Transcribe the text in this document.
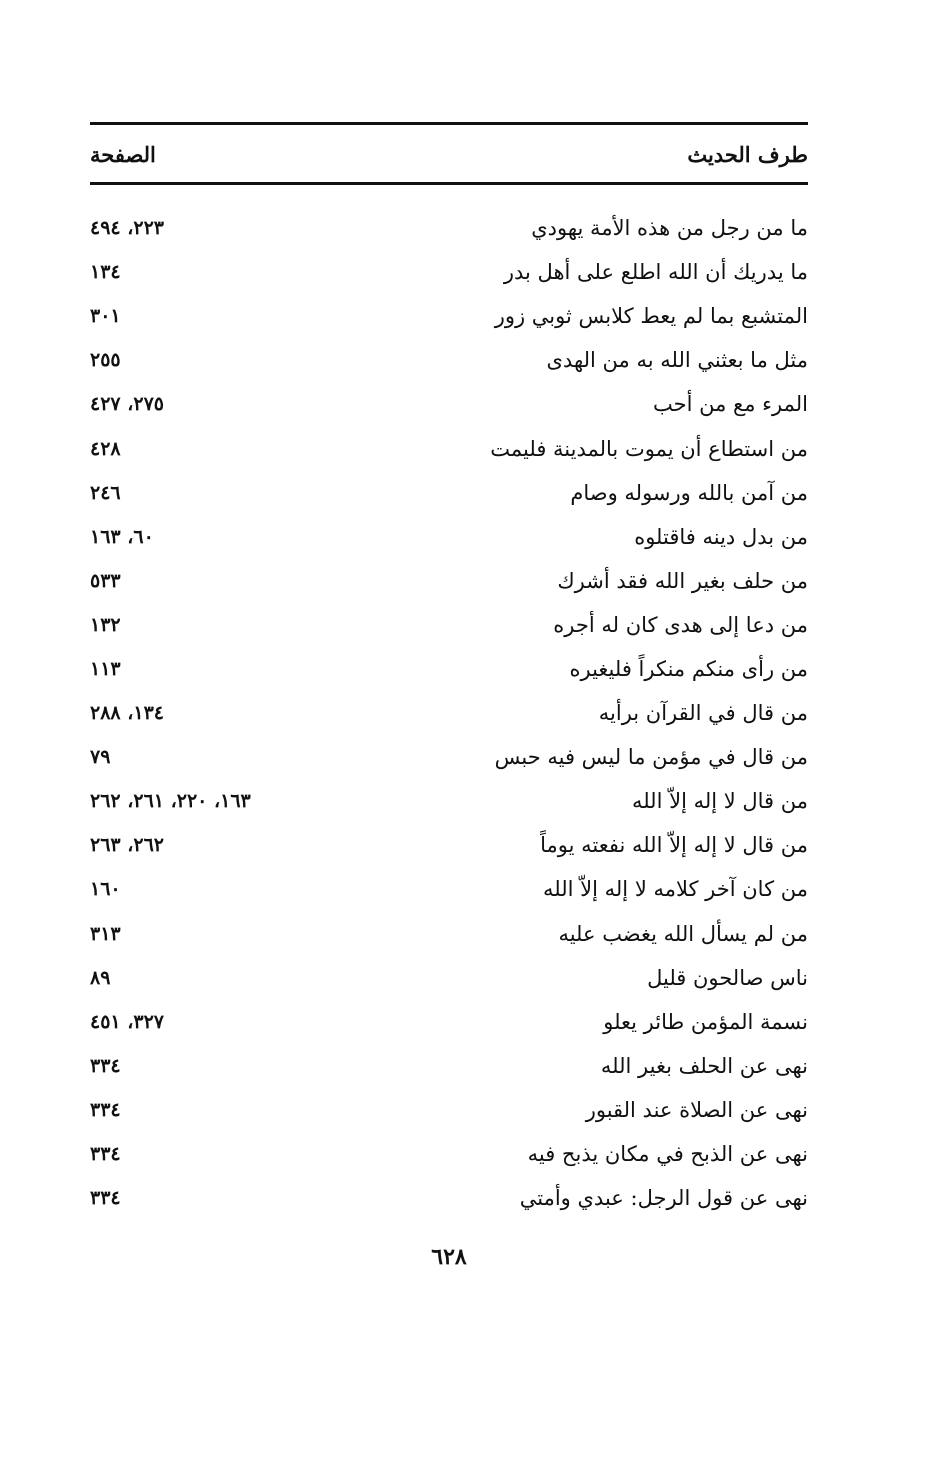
طرف الحديث
الصفحة
ما من رجل من هذه الأمة يهودي
٢٢٣، ٤٩٤
ما يدريك أن الله اطلع على أهل بدر
١٣٤
المتشبع بما لم يعط كلابس ثوبي زور
٣٠١
مثل ما بعثني الله به من الهدى
٢٥٥
المرء مع من أحب
٢٧٥، ٤٢٧
من استطاع أن يموت بالمدينة فليمت
٤٢٨
من آمن بالله ورسوله وصام
٢٤٦
من بدل دينه فاقتلوه
٦٠، ١٦٣
من حلف بغير الله فقد أشرك
٥٣٣
من دعا إلى هدى كان له أجره
١٣٢
من رأى منكم منكراً فليغيره
١١٣
من قال في القرآن برأيه
١٣٤، ٢٨٨
من قال في مؤمن ما ليس فيه حبس
٧٩
من قال لا إله إلاّ الله
١٦٣، ٢٢٠، ٢٦١، ٢٦٢
من قال لا إله إلاّ الله نفعته يوماً
٢٦٢، ٢٦٣
من كان آخر كلامه لا إله إلاّ الله
١٦٠
من لم يسأل الله يغضب عليه
٣١٣
ناس صالحون قليل
٨٩
نسمة المؤمن طائر يعلو
٣٢٧، ٤٥١
نهى عن الحلف بغير الله
٣٣٤
نهى عن الصلاة عند القبور
٣٣٤
نهى عن الذبح في مكان يذبح فيه
٣٣٤
نهى عن قول الرجل: عبدي وأمتي
٣٣٤
٦٢٨
